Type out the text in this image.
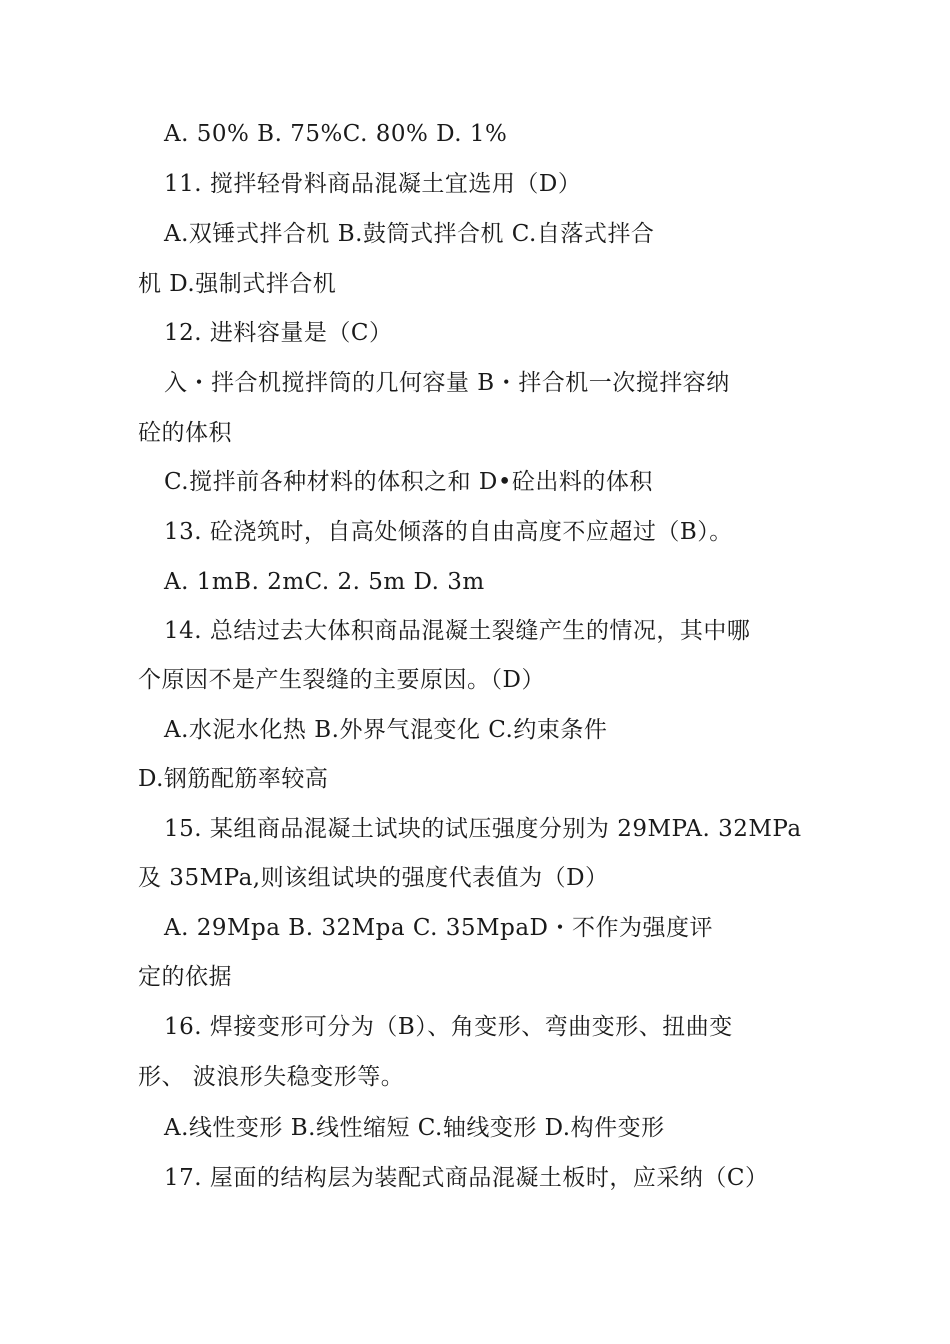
A. 50% B. 75%C. 80% D. 1%
11. 搅拌轻骨料商品混凝土宜选用（D）
A.双锤式拌合机 B.鼓筒式拌合机 C.自落式拌合
机 D.强制式拌合机
12. 进料容量是（C）
入・拌合机搅拌筒的几何容量 B・拌合机一次搅拌容纳
砼的体积
C.搅拌前各种材料的体积之和 D•砼出料的体积
13. 砼浇筑时，自高处倾落的自由高度不应超过（B）。
A. 1mB. 2mC. 2. 5m D. 3m
14. 总结过去大体积商品混凝土裂缝产生的情况，其中哪
个原因不是产生裂缝的主要原因。（D）
A.水泥水化热 B.外界气混变化 C.约束条件
D.钢筋配筋率较高
15. 某组商品混凝土试块的试压强度分别为 29MPA. 32MPa
及 35MPa,则该组试块的强度代表值为（D）
A. 29Mpa B. 32Mpa C. 35MpaD・不作为强度评
定的依据
16. 焊接变形可分为（B）、角变形、弯曲变形、扭曲变
形、 波浪形失稳变形等。
A.线性变形 B.线性缩短 C.轴线变形 D.构件变形
17. 屋面的结构层为装配式商品混凝土板时，应采纳（C）
